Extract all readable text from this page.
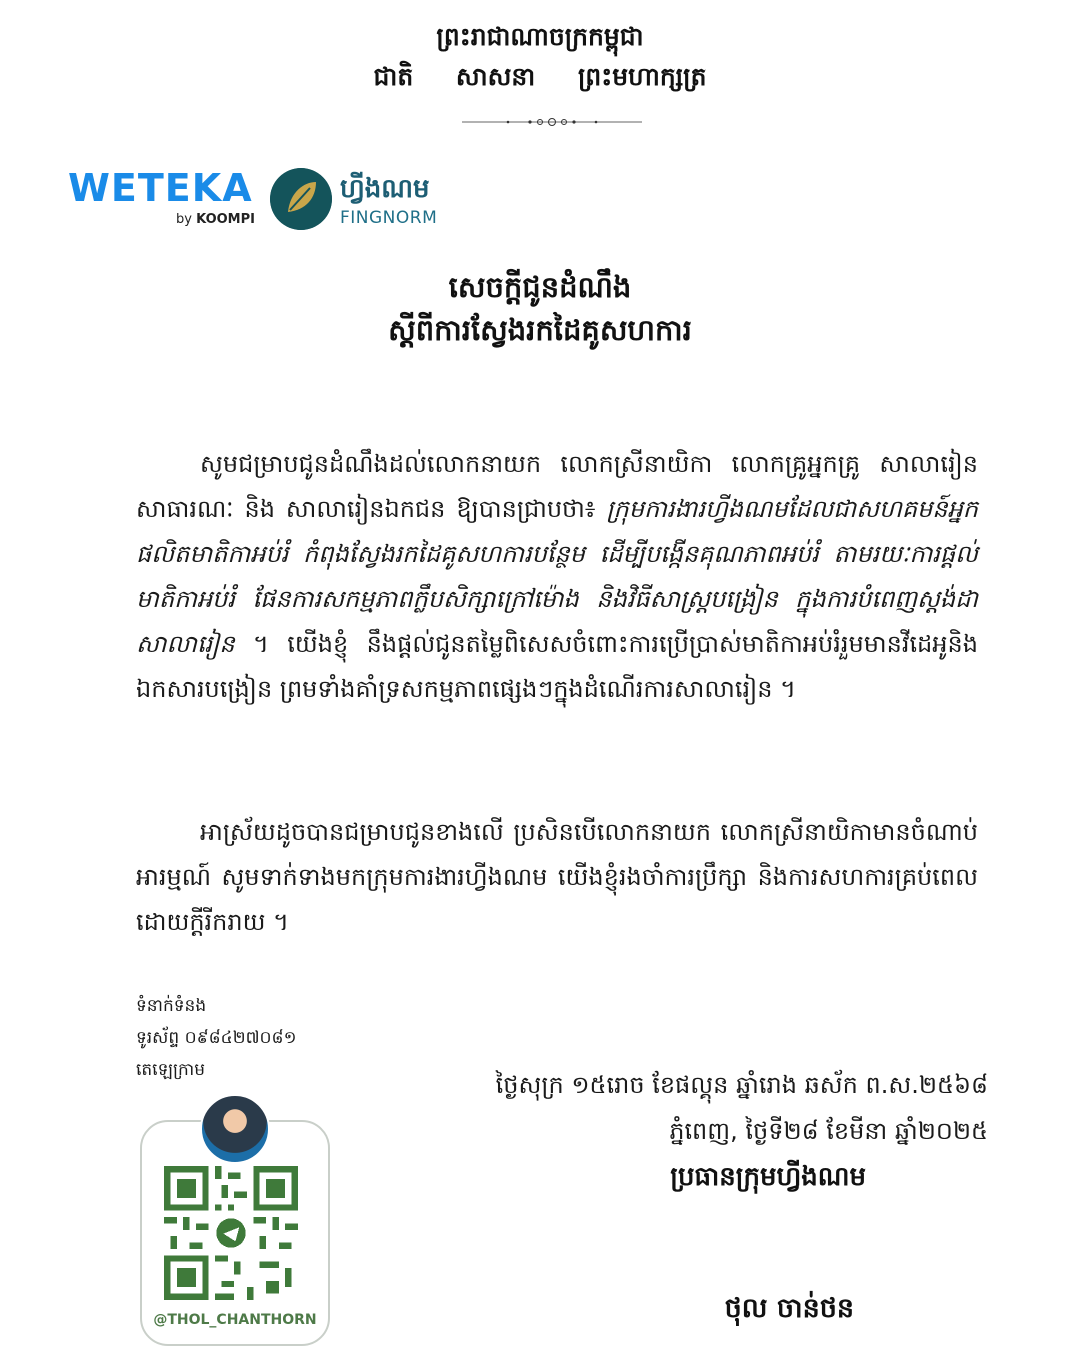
ព្រះរាជាណាចក្រកម្ពុជា
ជាតិ សាសនា ព្រះមហាក្សត្រ
WETEKA
by KOOMPI
ហ្វីងណម
FINGNORM
សេចក្តីជូនដំណឹង
ស្តីពីការស្វែងរកដៃគូសហការ
សូមជម្រាបជូនដំណឹងដល់លោកនាយក លោកស្រីនាយិកា លោកគ្រូអ្នកគ្រូ សាលារៀនសាធារណៈ និង សាលារៀនឯកជន ឱ្យបានជ្រាបថា៖ ក្រុមការងារហ្វីងណមដែលជាសហគមន៍អ្នកផលិតមាតិកាអប់រំ កំពុងស្វែងរកដៃគូសហការបន្ថែម ដើម្បីបង្កើនគុណភាពអប់រំ តាមរយៈការផ្តល់មាតិកាអប់រំ ផែនការសកម្មភាពក្លឹបសិក្សាក្រៅម៉ោង និងវិធីសាស្ត្របង្រៀន ក្នុងការបំពេញស្តង់ដាសាលារៀន ។ យើងខ្ញុំ នឹងផ្តល់ជូនតម្លៃពិសេសចំពោះការប្រើប្រាស់មាតិកាអប់រំរួមមានវីដេអូនិងឯកសារបង្រៀន ព្រមទាំងគាំទ្រសកម្មភាពផ្សេងៗក្នុងដំណើរការសាលារៀន ។
អាស្រ័យដូចបានជម្រាបជូនខាងលើ ប្រសិនបើលោកនាយក លោកស្រីនាយិកាមានចំណាប់អារម្មណ៍ សូមទាក់ទាងមកក្រុមការងារហ្វីងណម យើងខ្ញុំរងចាំការប្រឹក្សា និងការសហការគ្រប់ពេលដោយក្តីរីករាយ ។
ទំនាក់ទំនង
ទូរស័ព្ទ ០៩៨៤២៧០៨១
តេឡេក្រាម
@THOL_CHANTHORN
ថ្ងៃសុក្រ ១៥រោច ខែផល្គុន ឆ្នាំរោង ឆស័ក ព.ស.២៥៦៨
ភ្នំពេញ, ថ្ងៃទី២៨ ខែមីនា ឆ្នាំ២០២៥
ប្រធានក្រុមហ្វីងណម
ថុល ចាន់ថន
